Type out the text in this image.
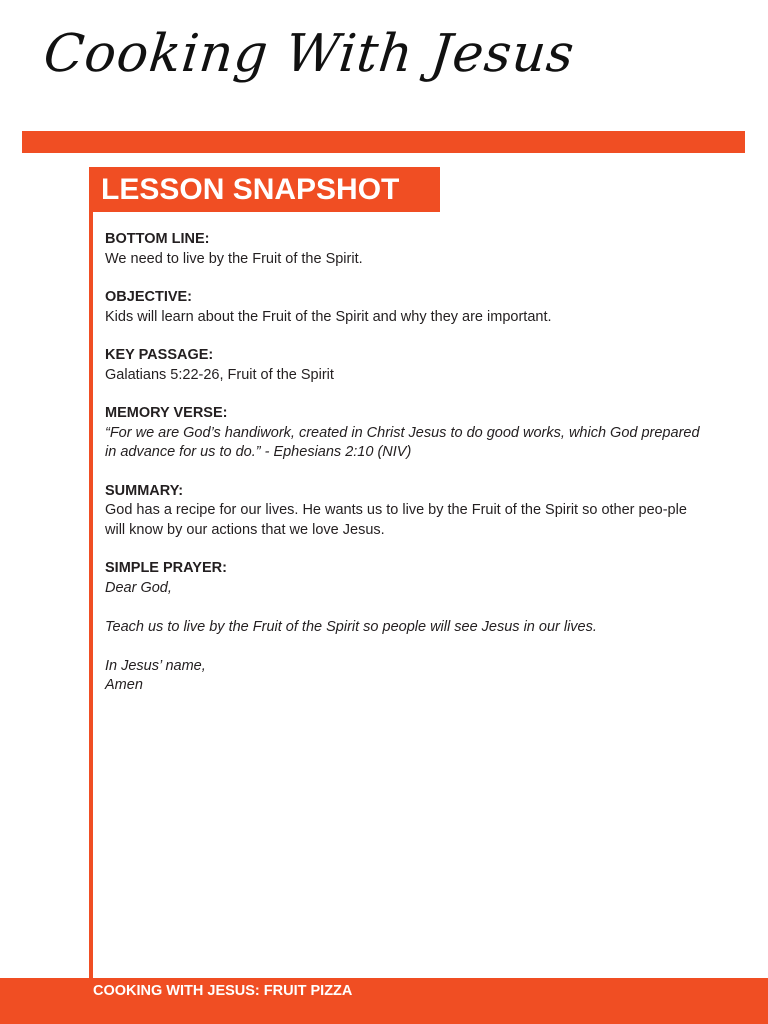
Cooking With Jesus
LESSON SNAPSHOT
BOTTOM LINE:
We need to live by the Fruit of the Spirit.
OBJECTIVE:
Kids will learn about the Fruit of the Spirit and why they are important.
KEY PASSAGE:
Galatians 5:22-26, Fruit of the Spirit
MEMORY VERSE:
“For we are God’s handiwork, created in Christ Jesus to do good works, which God prepared in advance for us to do.” - Ephesians 2:10 (NIV)
SUMMARY:
God has a recipe for our lives. He wants us to live by the Fruit of the Spirit so other peo-ple will know by our actions that we love Jesus.
SIMPLE PRAYER:
Dear God,
Teach us to live by the Fruit of the Spirit so people will see Jesus in our lives.
In Jesus’ name,
Amen
COOKING WITH JESUS: FRUIT PIZZA
